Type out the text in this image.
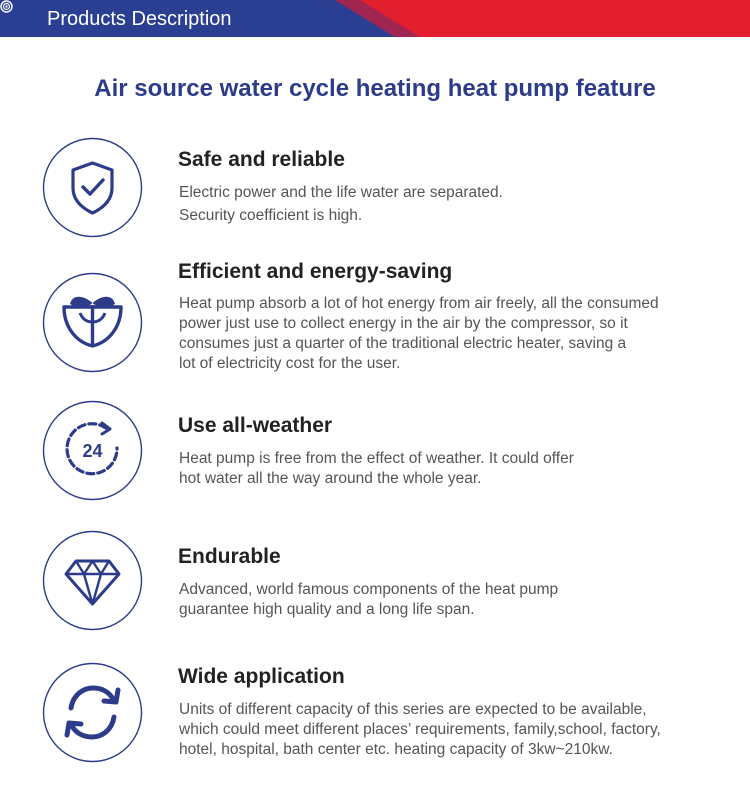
Products Description
Air source water cycle heating heat pump feature
Safe and reliable
Electric power and the life water are separated.
Security coefficient is high.
Efficient and energy-saving
Heat pump absorb a lot of hot energy from air freely, all the consumed
power just use to collect energy in the air by the compressor, so it
consumes just a quarter of the traditional electric heater, saving a
lot of electricity cost for the user.
24
Use all-weather
Heat pump is free from the effect of weather. It could offer
hot water all the way around the whole year.
Endurable
Advanced, world famous components of the heat pump
guarantee high quality and a long life span.
Wide application
Units of different capacity of this series are expected to be available,
which could meet different places’ requirements, family,school, factory,
hotel, hospital, bath center etc. heating capacity of 3kw~210kw.
